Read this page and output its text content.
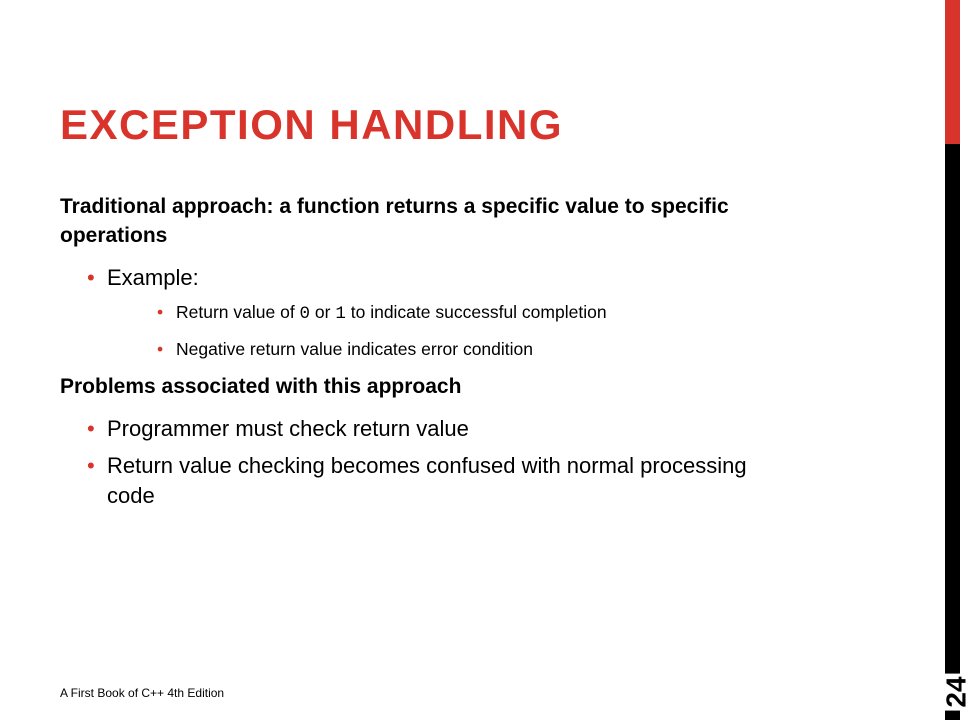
EXCEPTION HANDLING

Traditional approach: a function returns a specific value to specific operations

• Example:
• Return value of 0 or 1 to indicate successful completion
• Negative return value indicates error condition

Problems associated with this approach

• Programmer must check return value
• Return value checking becomes confused with normal processing code
A First Book of C++ 4th Edition	24
